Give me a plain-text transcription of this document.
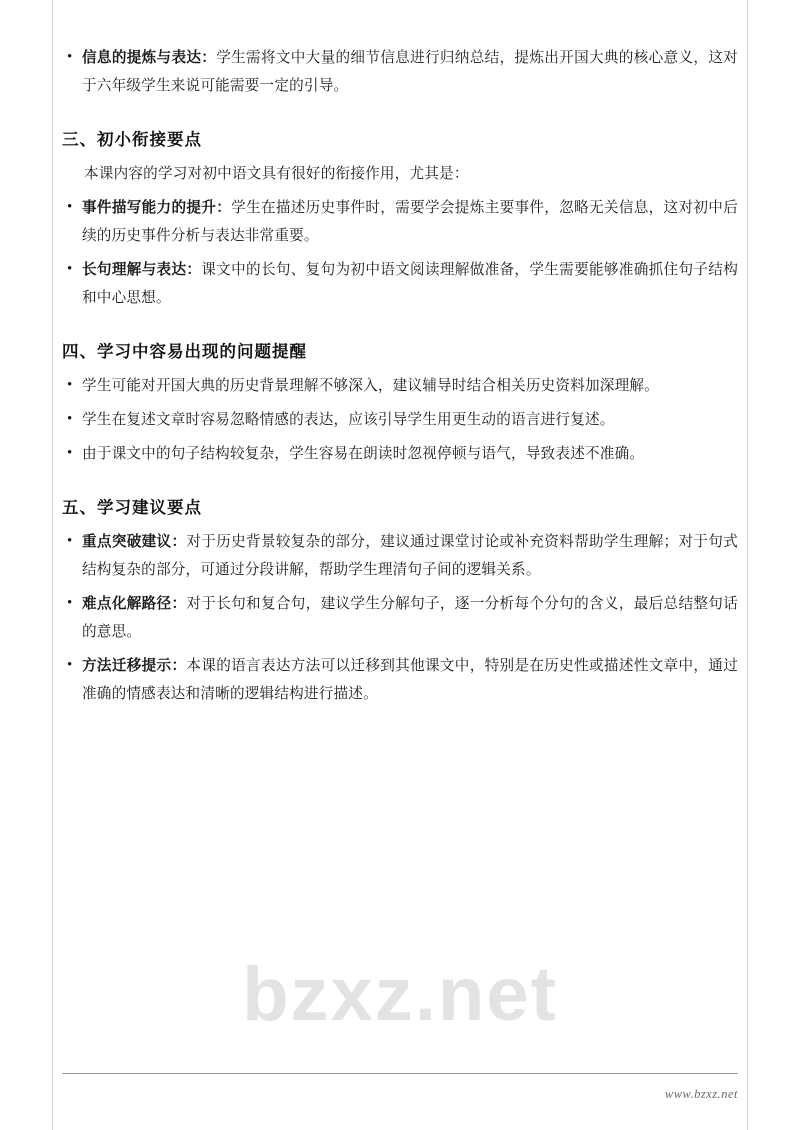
• 信息的提炼与表达：学生需将文中大量的细节信息进行归纳总结，提炼出开国大典的核心意义，这对于六年级学生来说可能需要一定的引导。
三、初小衔接要点

本课内容的学习对初中语文具有很好的衔接作用，尤其是：

• 事件描写能力的提升：学生在描述历史事件时，需要学会提炼主要事件，忽略无关信息，这对初中后续的历史事件分析与表达非常重要。
• 长句理解与表达：课文中的长句、复句为初中语文阅读理解做准备，学生需要能够准确抓住句子结构和中心思想。
四、学习中容易出现的问题提醒
• 学生可能对开国大典的历史背景理解不够深入，建议辅导时结合相关历史资料加深理解。
• 学生在复述文章时容易忽略情感的表达，应该引导学生用更生动的语言进行复述。
• 由于课文中的句子结构较复杂，学生容易在朗读时忽视停顿与语气，导致表述不准确。
五、学习建议要点
• 重点突破建议：对于历史背景较复杂的部分，建议通过课堂讨论或补充资料帮助学生理解；对于句式结构复杂的部分，可通过分段讲解，帮助学生理清句子间的逻辑关系。
• 难点化解路径：对于长句和复合句，建议学生分解句子，逐一分析每个分句的含义，最后总结整句话的意思。
• 方法迁移提示：本课的语言表达方法可以迁移到其他课文中，特别是在历史性或描述性文章中，通过准确的情感表达和清晰的逻辑结构进行描述。
bzxz.net
www.bzxz.net
